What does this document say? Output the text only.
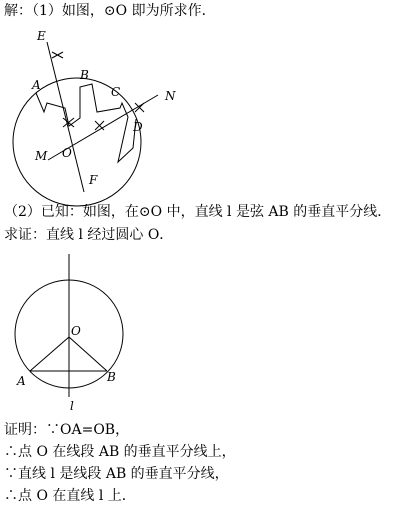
解：（1）如图，⊙O 即为所求作．
E
A
B
C	N
D
M O
F
O
A	B
l
（2）已知：如图，在⊙O 中，直线 l 是弦 AB 的垂直平分线．
求证：直线 l 经过圆心 O．
证明：∵OA=OB，
∴点 O 在线段 AB 的垂直平分线上，
∵直线 l 是线段 AB 的垂直平分线，
∴点 O 在直线 l 上．
